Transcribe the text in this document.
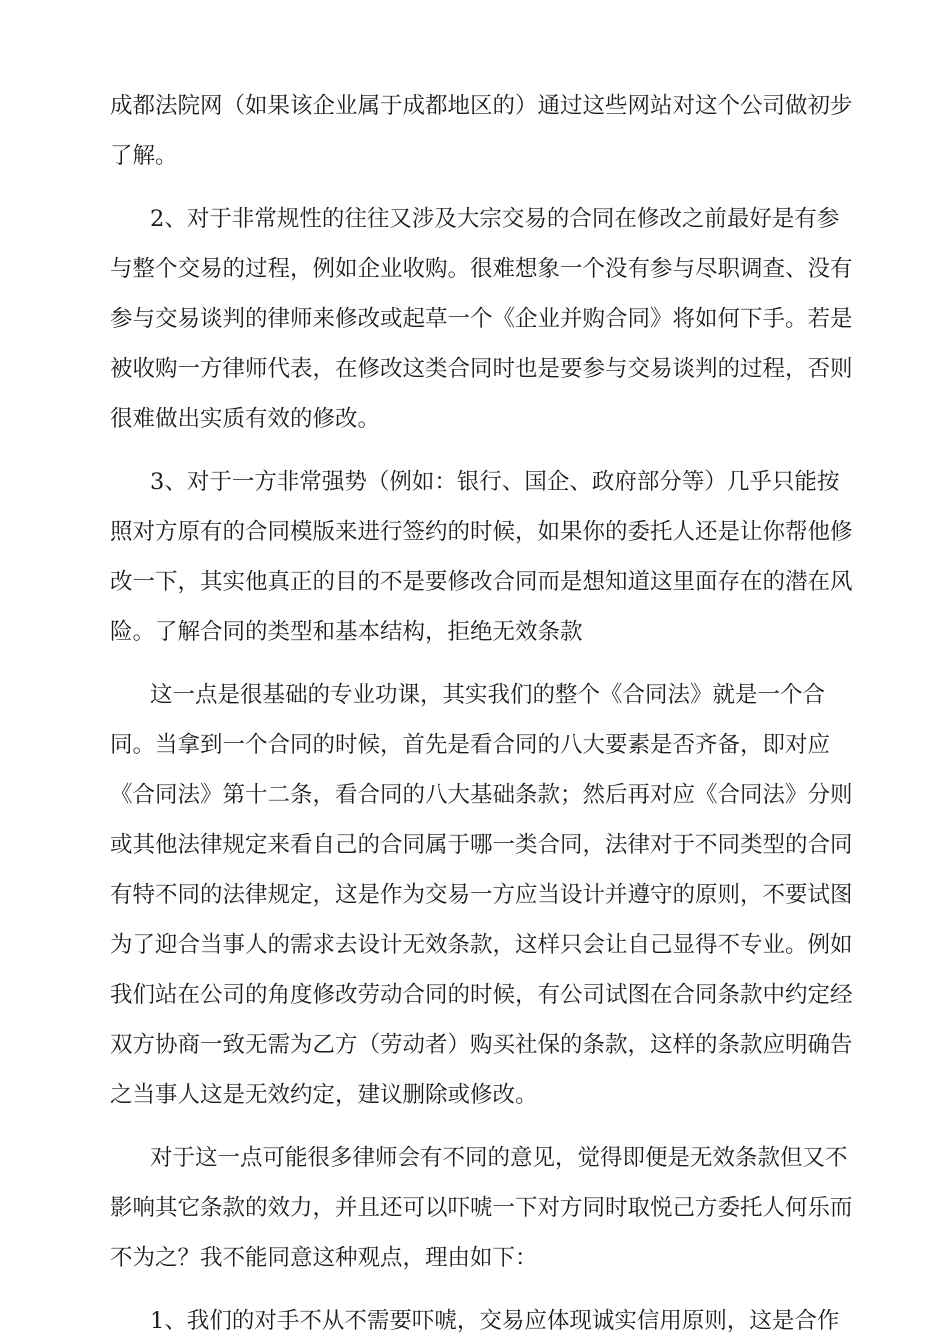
成都法院网（如果该企业属于成都地区的）通过这些网站对这个公司做初步

了解。

2、对于非常规性的往往又涉及大宗交易的合同在修改之前最好是有参

与整个交易的过程，例如企业收购。很难想象一个没有参与尽职调查、没有

参与交易谈判的律师来修改或起草一个《企业并购合同》将如何下手。若是

被收购一方律师代表，在修改这类合同时也是要参与交易谈判的过程，否则

很难做出实质有效的修改。

3、对于一方非常强势（例如：银行、国企、政府部分等）几乎只能按

照对方原有的合同模版来进行签约的时候，如果你的委托人还是让你帮他修

改一下，其实他真正的目的不是要修改合同而是想知道这里面存在的潜在风

险。了解合同的类型和基本结构，拒绝无效条款

这一点是很基础的专业功课，其实我们的整个《合同法》就是一个合

同。当拿到一个合同的时候，首先是看合同的八大要素是否齐备，即对应

《合同法》第十二条，看合同的八大基础条款；然后再对应《合同法》分则

或其他法律规定来看自己的合同属于哪一类合同，法律对于不同类型的合同

有特不同的法律规定，这是作为交易一方应当设计并遵守的原则，不要试图

为了迎合当事人的需求去设计无效条款，这样只会让自己显得不专业。例如

我们站在公司的角度修改劳动合同的时候，有公司试图在合同条款中约定经

双方协商一致无需为乙方（劳动者）购买社保的条款，这样的条款应明确告

之当事人这是无效约定，建议删除或修改。

对于这一点可能很多律师会有不同的意见，觉得即便是无效条款但又不

影响其它条款的效力，并且还可以吓唬一下对方同时取悦己方委托人何乐而

不为之？我不能同意这种观点，理由如下：

1、我们的对手不从不需要吓唬，交易应体现诚实信用原则，这是合作
